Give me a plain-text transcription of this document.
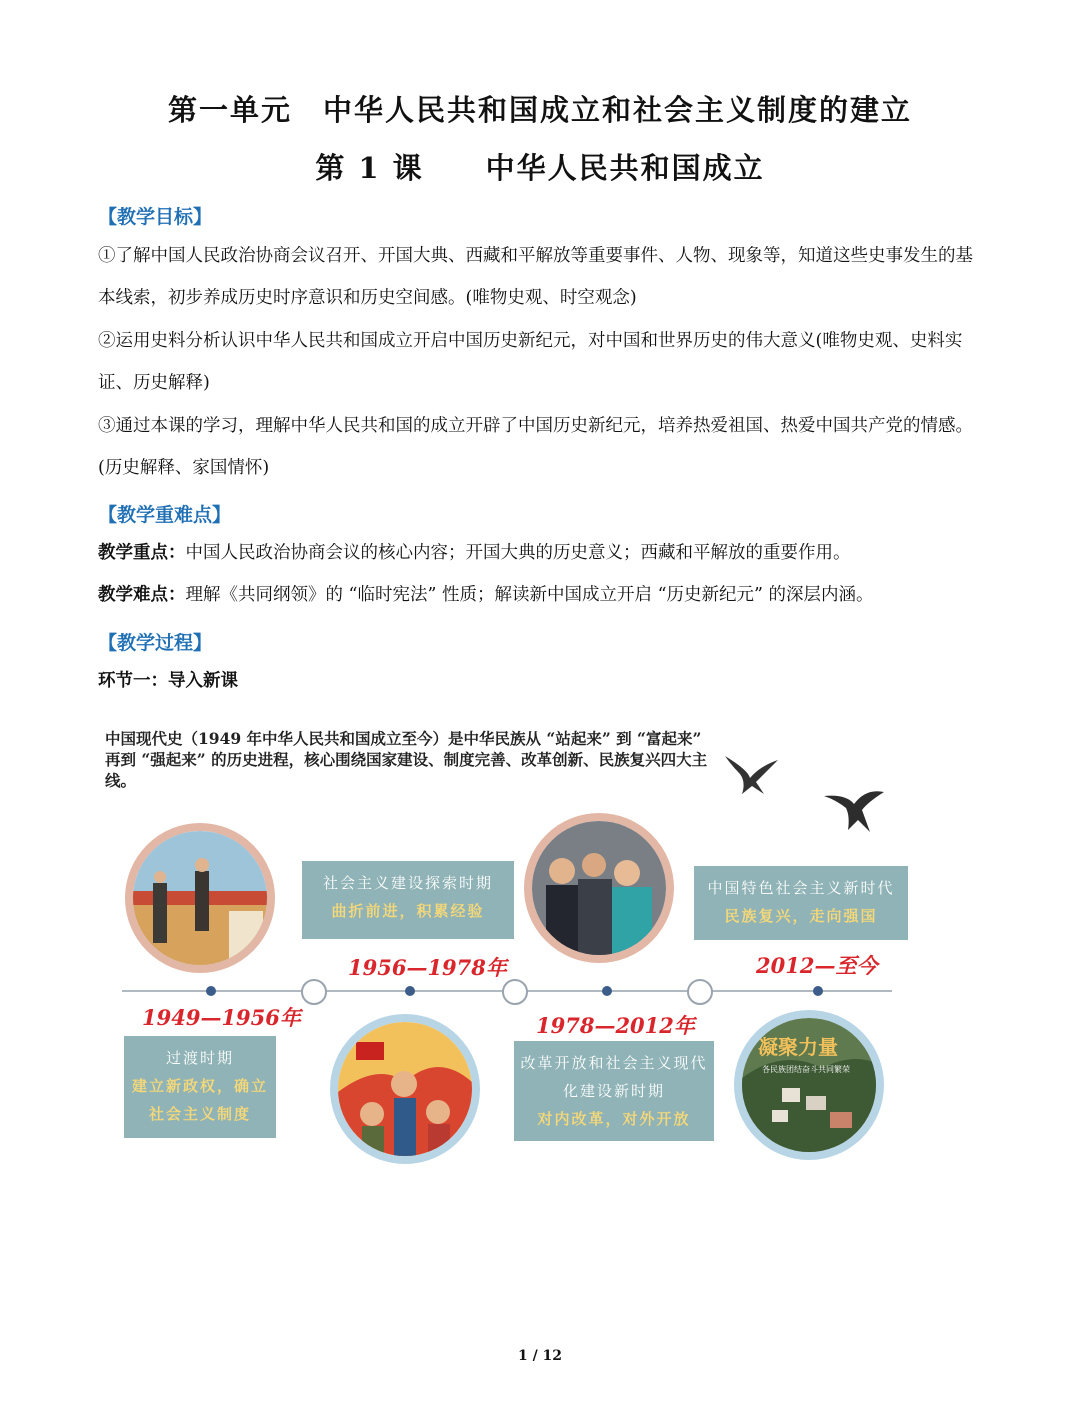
第一单元　中华人民共和国成立和社会主义制度的建立
第 1 课　　中华人民共和国成立
【教学目标】
①了解中国人民政治协商会议召开、开国大典、西藏和平解放等重要事件、人物、现象等，知道这些史事发生的基本线索，初步养成历史时序意识和历史空间感。(唯物史观、时空观念)
②运用史料分析认识中华人民共和国成立开启中国历史新纪元，对中国和世界历史的伟大意义(唯物史观、史料实证、历史解释)
③通过本课的学习，理解中华人民共和国的成立开辟了中国历史新纪元，培养热爱祖国、热爱中国共产党的情感。(历史解释、家国情怀)
【教学重难点】
教学重点：中国人民政治协商会议的核心内容；开国大典的历史意义；西藏和平解放的重要作用。
教学难点：理解《共同纲领》的 “临时宪法” 性质；解读新中国成立开启 “历史新纪元” 的深层内涵。
【教学过程】
环节一：导入新课
中国现代史（1949 年中华人民共和国成立至今）是中华民族从 “站起来” 到 “富起来” 再到 “强起来” 的历史进程，核心围绕国家建设、制度完善、改革创新、民族复兴四大主线。
过渡时期
建立新政权，确立社会主义制度
1949—1956年
社会主义建设探索时期
曲折前进，积累经验
1956—1978年
改革开放和社会主义现代化建设新时期
对内改革，对外开放
1978—2012年
中国特色社会主义新时代
民族复兴，走向强国
2012—至今
凝聚力量
各民族团结奋斗共同繁荣
1 / 12
